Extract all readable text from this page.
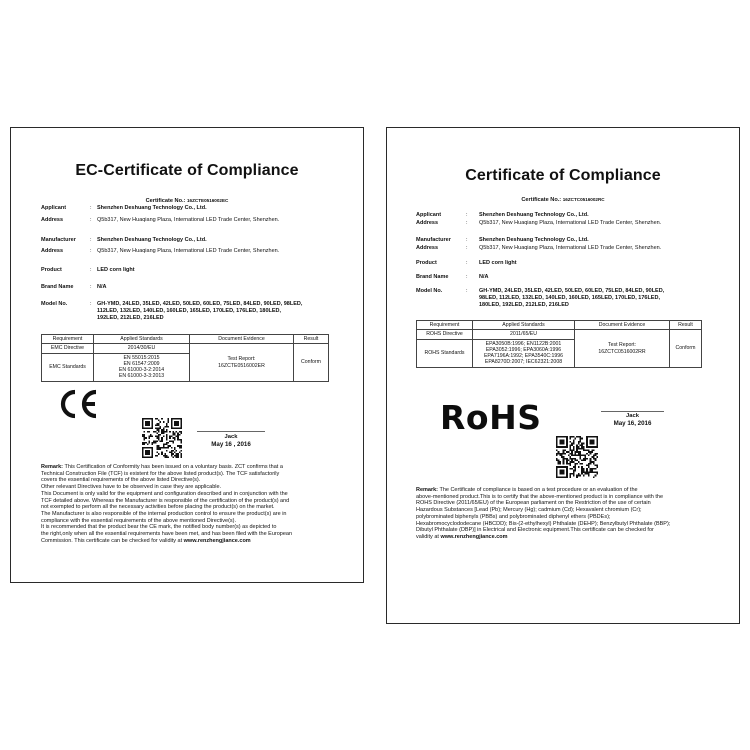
EC-Certificate of Compliance
Certificate No.: 16ZCTE0516002EC
Applicant	: Shenzhen Deshuang Technology Co., Ltd.
Address	: Q5b317, New Huaqiang Plaza, International LED Trade Center, Shenzhen.
Manufacturer	: Shenzhen Deshuang Technology Co., Ltd.
Address	: Q5b317, New Huaqiang Plaza, International LED Trade Center, Shenzhen.
Product	: LED corn light
Brand Name	: N/A
Model No.	: GH-YMD, 24LED, 35LED, 42LED, 50LED, 60LED, 75LED, 84LED, 90LED, 98LED,
112LED, 132LED, 140LED, 160LED, 165LED, 170LED, 176LED, 180LED,
192LED, 212LED, 216LED
Requirement	Applied Standards	Document Evidence	Result
EMC Directive	2014/30/EU	Test Report:
16ZCTE0516002ER	Conform
EMC Standards	EN 55015:2015
EN 61547:2009
EN 61000-3-2:2014
EN 61000-3-3:2013		
Jack
May 16 , 2016

Remark: This Certification of Conformity has been issued on a voluntary basis. ZCT confirms that a

Technical Construction File (TCF) is existent for the above listed product(s). The TCF satisfactorily

covers the essential requirements of the above listed Directive(s).

Other relevant Directives have to be observed in case they are applicable.

This Document is only valid for the equipment and configuration described and in conjunction with the

TCF detailed above. Whereas the Manufacturer is responsible of the certification of the product(s) and

not exempted to perform all the necessary activities before placing the product(s) on the market.

The Manufacturer is also responsible of the internal production control to ensure the product(s) are in

compliance with the essential requirements of the above mentioned Directive(s).

It is recommended that the product bear the CE mark, the notified body number(s) as depicted to

the right,only when all the essential requirements have been met, and has been filed with the European

Commission. This certificate can be checked for validity at www.renzhengjiance.com

Certificate of Compliance
Certificate No.: 16ZCTC0516002RC
Applicant	: Shenzhen Deshuang Technology Co., Ltd.
Address	: Q5b317, New Huaqiang Plaza, International LED Trade Center, Shenzhen.
Manufacturer	: Shenzhen Deshuang Technology Co., Ltd.
Address	: Q5b317, New Huaqiang Plaza, International LED Trade Center, Shenzhen.
Product	: LED corn light
Brand Name	: N/A
Model No.	: GH-YMD, 24LED, 35LED, 42LED, 50LED, 60LED, 75LED, 84LED, 90LED,
98LED, 112LED, 132LED, 140LED, 160LED, 165LED, 170LED, 176LED,
180LED, 192LED, 212LED, 216LED
Requirement	Applied Standards	Document Evidence	Result
ROHS Directive	2011/65/EU	Test Report:
16ZCTC0516002RR	Conform
ROHS Standards	EPA3050B:1996; EN1122B:2001
EPA3052:1996; EPA3060A:1996
EPA7196A:1992; EPA3540C:1996
EPA8270D:2007; IEC62321:2008		
RoHS	Jack
May 16, 2016

Remark: The Certificate of compliance is based on a test procedure or an evaluation of the

above-mentioned product.This is to certify that the above-mentioned product is in compliance with the

ROHS Directive (2011/65/EU) of the European parliament on the Restriction of the use of certain

Hazardous Substances [Lead (Pb); Mercury (Hg); cadmium (Cd); Hexavalent chromium (Cr);

polybrominated biphenyls (PBBs) and polybrominated diphenyl ethers (PBDEs);

Hexabromocyclododecane (HBCDD); Bis-(2-ethylhexyl) Phthalate (DEHP); Benzylbutyl Phthalate (BBP);

Dibutyl Phthalate (DBP)] in Electrical and Electronic equipment.This certificate can be checked for

validity at www.renzhengjiance.com
